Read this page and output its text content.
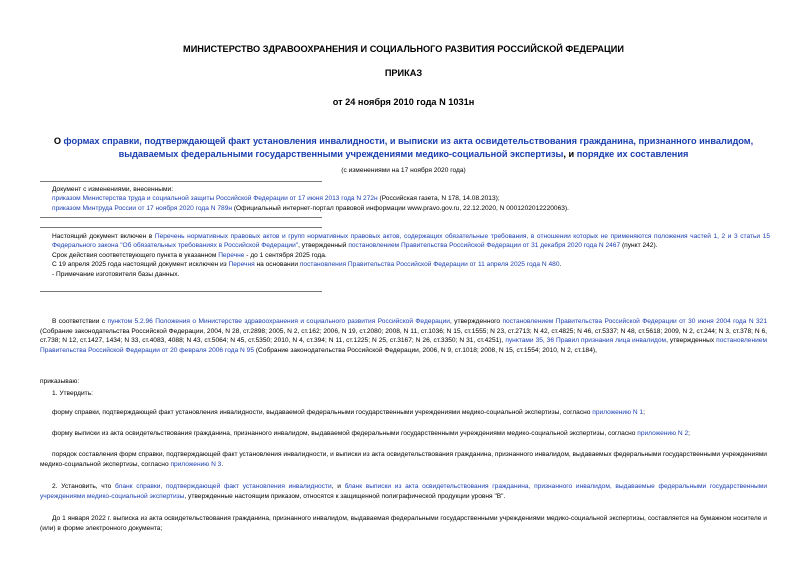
МИНИСТЕРСТВО ЗДРАВООХРАНЕНИЯ И СОЦИАЛЬНОГО РАЗВИТИЯ РОССИЙСКОЙ ФЕДЕРАЦИИ
ПРИКАЗ
от 24 ноября 2010 года N 1031н
О формах справки, подтверждающей факт установления инвалидности, и выписки из акта освидетельствования гражданина, признанного инвалидом, выдаваемых федеральными государственными учреждениями медико-социальной экспертизы, и порядке их составления
(с изменениями на 17 ноября 2020 года)
Документ с изменениями, внесенными:
приказом Министерства труда и социальной защиты Российской Федерации от 17 июня 2013 года N 272н (Российская газета, N 178, 14.08.2013);
приказом Минтруда России от 17 ноября 2020 года N 789н (Официальный интернет-портал правовой информации www.pravo.gov.ru, 22.12.2020, N 0001202012220063).
Настоящий документ включен в Перечень нормативных правовых актов и групп нормативных правовых актов, содержащих обязательные требования, в отношении которых не применяются положения частей 1, 2 и 3 статьи 15 Федерального закона "Об обязательных требованиях в Российской Федерации", утвержденный постановлением Правительства Российской Федерации от 31 декабря 2020 года N 2467 (пункт 242).
Срок действия соответствующего пункта в указанном Перечне - до 1 сентября 2025 года.
С 19 апреля 2025 года настоящий документ исключен из Перечня на основании постановления Правительства Российской Федерации от 11 апреля 2025 года N 480.
- Примечание изготовителя базы данных.
В соответствии с пунктом 5.2.96 Положения о Министерстве здравоохранения и социального развития Российской Федерации, утвержденного постановлением Правительства Российской Федерации от 30 июня 2004 года N 321 (Собрание законодательства Российской Федерации, 2004, N 28, ст.2898; 2005, N 2, ст.162; 2006, N 19, ст.2080; 2008, N 11, ст.1036; N 15, ст.1555; N 23, ст.2713; N 42, ст.4825; N 46, ст.5337; N 48, ст.5618; 2009, N 2, ст.244; N 3, ст.378; N 6, ст.738; N 12, ст.1427, 1434; N 33, ст.4083, 4088; N 43, ст.5064; N 45, ст.5350; 2010, N 4, ст.394; N 11, ст.1225; N 25, ст.3167; N 26, ст.3350; N 31, ст.4251), пунктами 35, 36 Правил признания лица инвалидом, утвержденных постановлением Правительства Российской Федерации от 20 февраля 2006 года N 95 (Собрание законодательства Российской Федерации, 2006, N 9, ст.1018; 2008, N 15, ст.1554; 2010, N 2, ст.184),
приказываю:
1. Утвердить:
форму справки, подтверждающей факт установления инвалидности, выдаваемой федеральными государственными учреждениями медико-социальной экспертизы, согласно приложению N 1;
форму выписки из акта освидетельствования гражданина, признанного инвалидом, выдаваемой федеральными государственными учреждениями медико-социальной экспертизы, согласно приложению N 2;
порядок составления форм справки, подтверждающей факт установления инвалидности, и выписки из акта освидетельствования гражданина, признанного инвалидом, выдаваемых федеральными государственными учреждениями медико-социальной экспертизы, согласно приложению N 3.
2. Установить, что бланк справки, подтверждающей факт установления инвалидности, и бланк выписки из акта освидетельствования гражданина, признанного инвалидом, выдаваемые федеральными государственными учреждениями медико-социальной экспертизы, утвержденные настоящим приказом, относятся к защищенной полиграфической продукции уровня "В".
До 1 января 2022 г. выписка из акта освидетельствования гражданина, признанного инвалидом, выдаваемая федеральными государственными учреждениями медико-социальной экспертизы, составляется на бумажном носителе и (или) в форме электронного документа;
